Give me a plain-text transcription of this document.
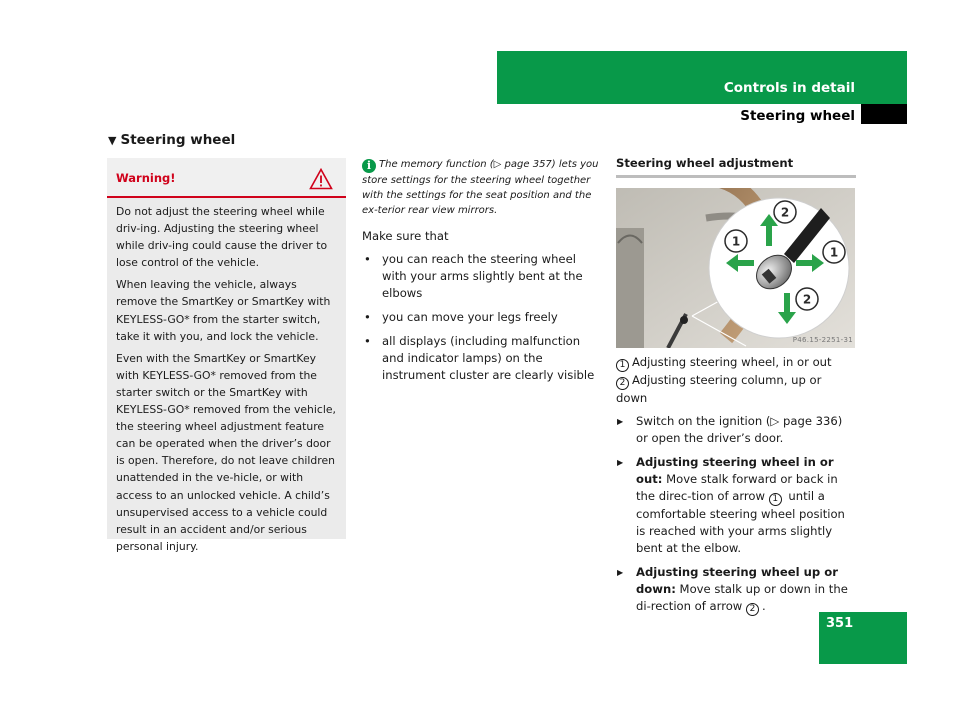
Controls in detail
Steering wheel
▼ Steering wheel
Warning!

Do not adjust the steering wheel while driv-ing. Adjusting the steering wheel while driv-ing could cause the driver to lose control of the vehicle.

When leaving the vehicle, always remove the SmartKey or SmartKey with KEYLESS-GO* from the starter switch, take it with you, and lock the vehicle.

Even with the SmartKey or SmartKey with KEYLESS-GO* removed from the starter switch or the SmartKey with KEYLESS-GO* removed from the vehicle, the steering wheel adjustment feature can be operated when the driver’s door is open. Therefore, do not leave children unattended in the ve-hicle, or with access to an unlocked vehicle. A child’s unsupervised access to a vehicle could result in an accident and/or serious personal injury.

i The memory function (▷ page 357) lets you store settings for the steering wheel together with the settings for the seat position and the ex-terior rear view mirrors.
Make sure that
• you can reach the steering wheel with your arms slightly bent at the elbows
• you can move your legs freely
• all displays (including malfunction and indicator lamps) on the instrument cluster are clearly visible
Steering wheel adjustment
1
2
1
2
P46.15-2251-31
1 Adjusting steering wheel, in or out
2 Adjusting steering column, up or down
▶ Switch on the ignition (▷ page 336) or open the driver’s door.
▶ Adjusting steering wheel in or out: Move stalk forward or back in the direc-tion of arrow 1 until a comfortable steering wheel position is reached with your arms slightly bent at the elbow.
▶ Adjusting steering wheel up or down: Move stalk up or down in the di-rection of arrow 2 .
351
